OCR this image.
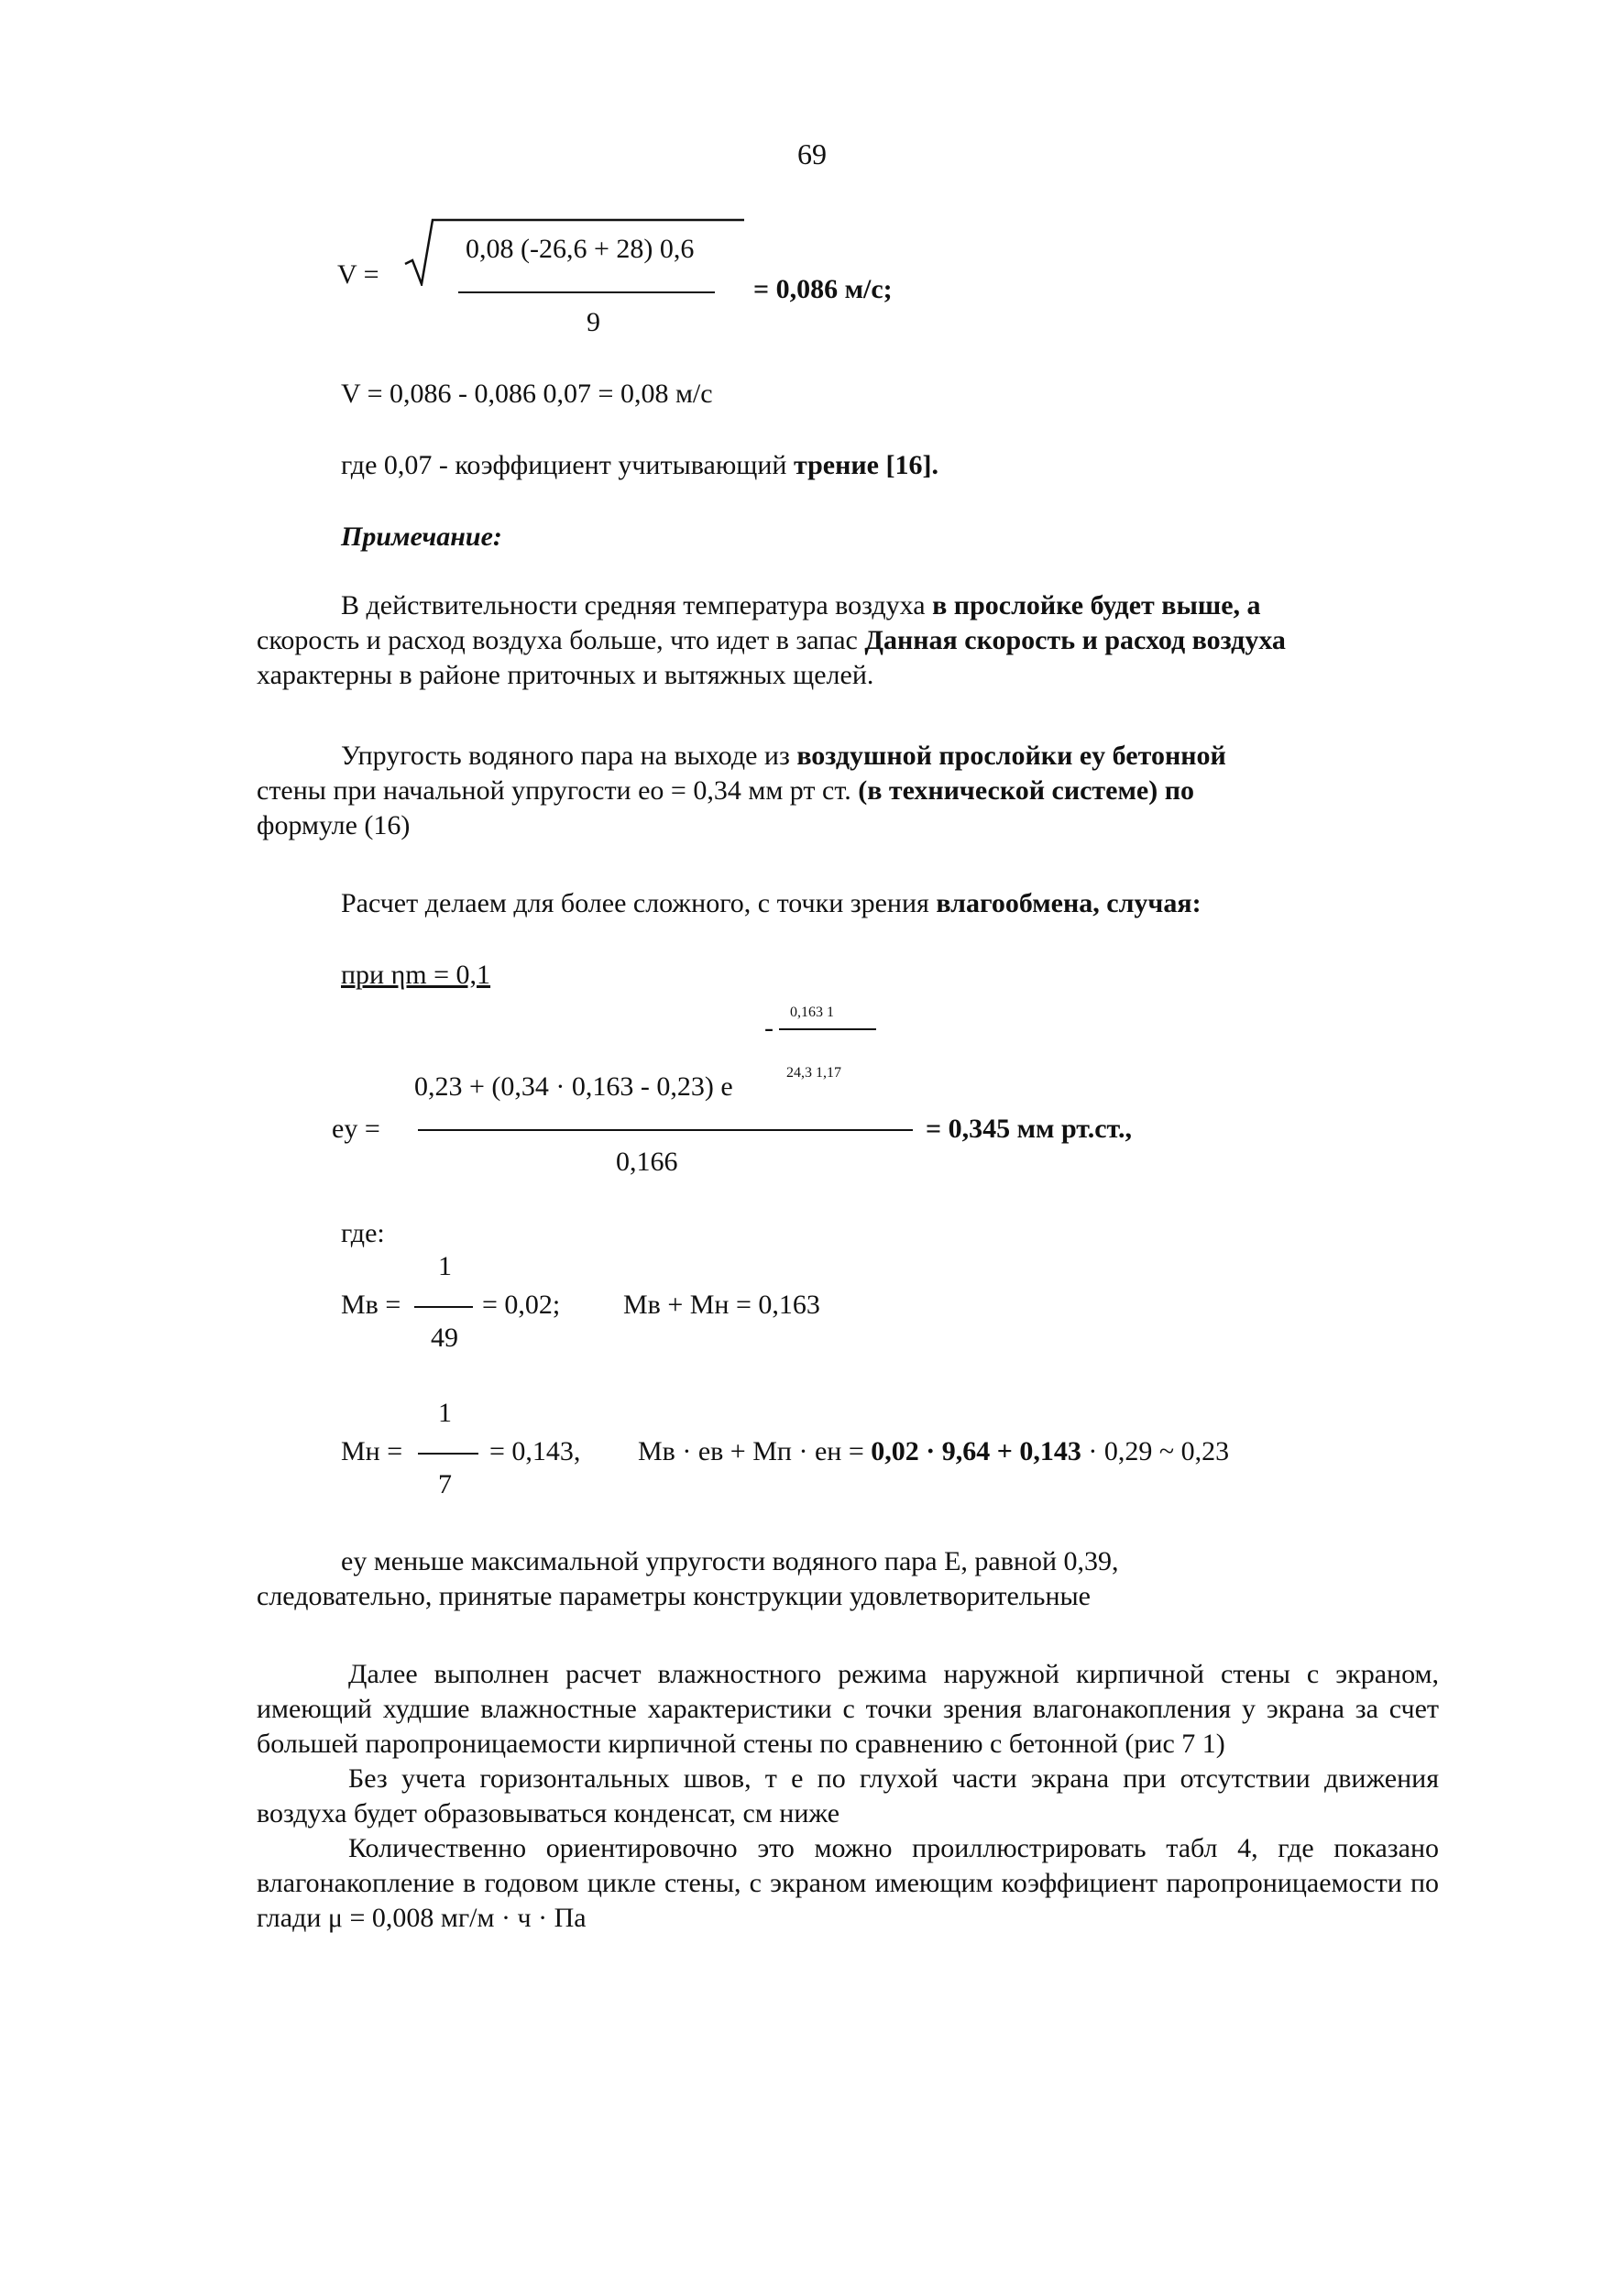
69
V =
0,08 (-26,6 + 28) 0,6
9
= 0,086 м/с;
V = 0,086 - 0,086 0,07 = 0,08 м/с
где 0,07 - коэффициент учитывающий трение [16].
Примечание:

В действительности средняя температура воздуха в прослойке будет выше, а

скорость и расход воздуха больше, что идет в запас Данная скорость и расход воздуха

характерны в районе приточных и вытяжных щелей.

Упругость водяного пара на выходе из воздушной прослойки eу бетонной

стены при начальной упругости eо = 0,34 мм рт ст. (в технической системе) по

формуле (16)

Расчет делаем для более сложного, с точки зрения влагообмена, случая:
при ηm = 0,1
0,163 1
-
24,3 1,17
0,23 + (0,34 · 0,163 - 0,23) e
eу =
0,166
= 0,345 мм рт.ст.,
где:
1
Mв =
49
= 0,02; Mв + Mн = 0,163
1
Mн =
7
= 0,143, Mв · eв + Mп · eн = 0,02 · 9,64 + 0,143 · 0,29 ~ 0,23
eу меньше максимальной упругости водяного пара Е, равной 0,39,
следовательно, принятые параметры конструкции удовлетворительные

Далее выполнен расчет влажностного режима наружной кирпичной стены с экраном, имеющий худшие влажностные характеристики с точки зрения влагонакопления у экрана за счет большей паропроницаемости кирпичной стены по сравнению с бетонной (рис 7 1)

Без учета горизонтальных швов, т е по глухой части экрана при отсутствии движения воздуха будет образовываться конденсат, см ниже

Количественно ориентировочно это можно проиллюстрировать табл 4, где показано влагонакопление в годовом цикле стены, с экраном имеющим коэффициент паропроницаемости по глади μ = 0,008 мг/м · ч · Па
